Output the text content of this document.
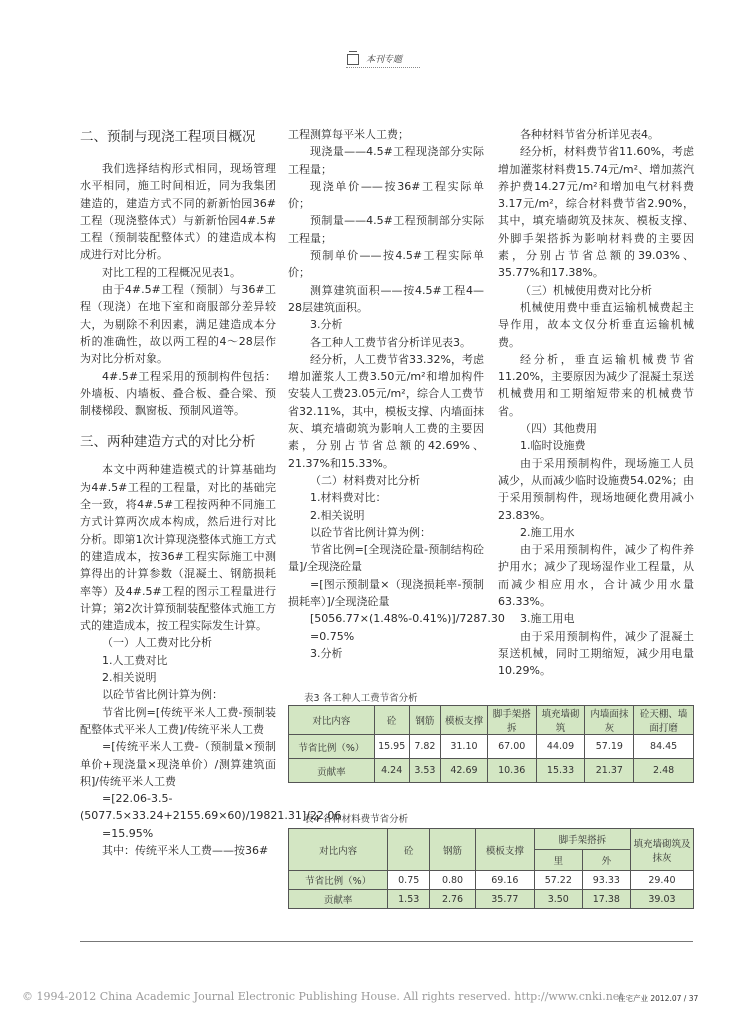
本刊专题

二、预制与现浇工程项目概况

我们选择结构形式相同，现场管理水平相同，施工时间相近，同为我集团建造的，建造方式不同的新新怡园36#工程（现浇整体式）与新新怡园4#.5#工程（预制装配整体式）的建造成本构成进行对比分析。

对比工程的工程概况见表1。

由于4#.5#工程（预制）与36#工程（现浇）在地下室和商服部分差异较大，为剔除不利因素，满足建造成本分析的准确性，故以两工程的4～28层作为对比分析对象。

4#.5#工程采用的预制构件包括：外墙板、内墙板、叠合板、叠合梁、预制楼梯段、飘窗板、预制风道等。

三、两种建造方式的对比分析

本文中两种建造模式的计算基础均为4#.5#工程的工程量，对比的基础完全一致，将4#.5#工程按两种不同施工方式计算两次成本构成，然后进行对比分析。即第1次计算现浇整体式施工方式的建造成本，按36#工程实际施工中测算得出的计算参数（混凝土、钢筋损耗率等）及4#.5#工程的图示工程量进行计算；第2次计算预制装配整体式施工方式的建造成本，按工程实际发生计算。

（一）人工费对比分析

1.人工费对比

2.相关说明

以砼节省比例计算为例：

节省比例=[传统平米人工费-预制装配整体式平米人工费]/传统平米人工费

=[传统平米人工费-（预制量×预制单价+现浇量×现浇单价）/测算建筑面积]/传统平米人工费

=[22.06-3.5-(5077.5×33.24+2155.69×60)/19821.31]/22.06

=15.95%

其中：传统平米人工费——按36#

工程测算每平米人工费；

现浇量——4.5#工程现浇部分实际工程量；

现浇单价——按36#工程实际单价；

预制量——4.5#工程预制部分实际工程量；

预制单价——按4.5#工程实际单价；

测算建筑面积——按4.5#工程4—28层建筑面积。

3.分析

各工种人工费节省分析详见表3。

经分析，人工费节省33.32%，考虑增加灌浆人工费3.50元/m²和增加构件安装人工费23.05元/m²，综合人工费节省32.11%，其中，模板支撑、内墙面抹灰、填充墙砌筑为影响人工费的主要因素，分别占节省总额的42.69%、21.37%和15.33%。

（二）材料费对比分析

1.材料费对比：

2.相关说明

以砼节省比例计算为例：

节省比例=[全现浇砼量-预制结构砼量]/全现浇砼量

=[图示预制量×（现浇损耗率-预制损耗率）]/全现浇砼量

[5056.77×(1.48%-0.41%)]/7287.30

=0.75%

3.分析

各种材料节省分析详见表4。

经分析，材料费节省11.60%，考虑增加灌浆材料费15.74元/m²、增加蒸汽养护费14.27元/m²和增加电气材料费3.17元/m²，综合材料费节省2.90%，其中，填充墙砌筑及抹灰、模板支撑、外脚手架搭拆为影响材料费的主要因素，分别占节省总额的39.03%、35.77%和17.38%。

（三）机械使用费对比分析

机械使用费中垂直运输机械费起主导作用，故本文仅分析垂直运输机械费。

经分析，垂直运输机械费节省11.20%，主要原因为减少了混凝土泵送机械费用和工期缩短带来的机械费节省。

（四）其他费用

1.临时设施费

由于采用预制构件，现场施工人员减少，从而减少临时设施费54.02%；由于采用预制构件，现场地硬化费用减小23.83%。

2.施工用水

由于采用预制构件，减少了构件养护用水；减少了现场湿作业工程量，从而减少相应用水，合计减少用水量63.33%。

3.施工用电

由于采用预制构件，减少了混凝土泵送机械，同时工期缩短，减少用电量10.29%。

表3 各工种人工费节省分析
对比内容	砼	钢筋	模板支撑	脚手架搭拆	填充墙砌筑	内墙面抹灰	砼天棚、墙面打磨
节省比例（%）	15.95	7.82	31.10	67.00	44.09	57.19	84.45
贡献率	4.24	3.53	42.69	10.36	15.33	21.37	2.48
表4 各种材料费节省分析
对比内容	砼	钢筋	模板支撑	脚手架搭拆		填充墙砌筑及抹灰
				里	外	
节省比例（%）	0.75	0.80	69.16	57.22	93.33	29.40
贡献率	1.53	2.76	35.77	3.50	17.38	39.03
© 1994-2012 China Academic Journal Electronic Publishing House. All rights reserved. http://www.cnki.net
住宅产业 2012.07 / 37
